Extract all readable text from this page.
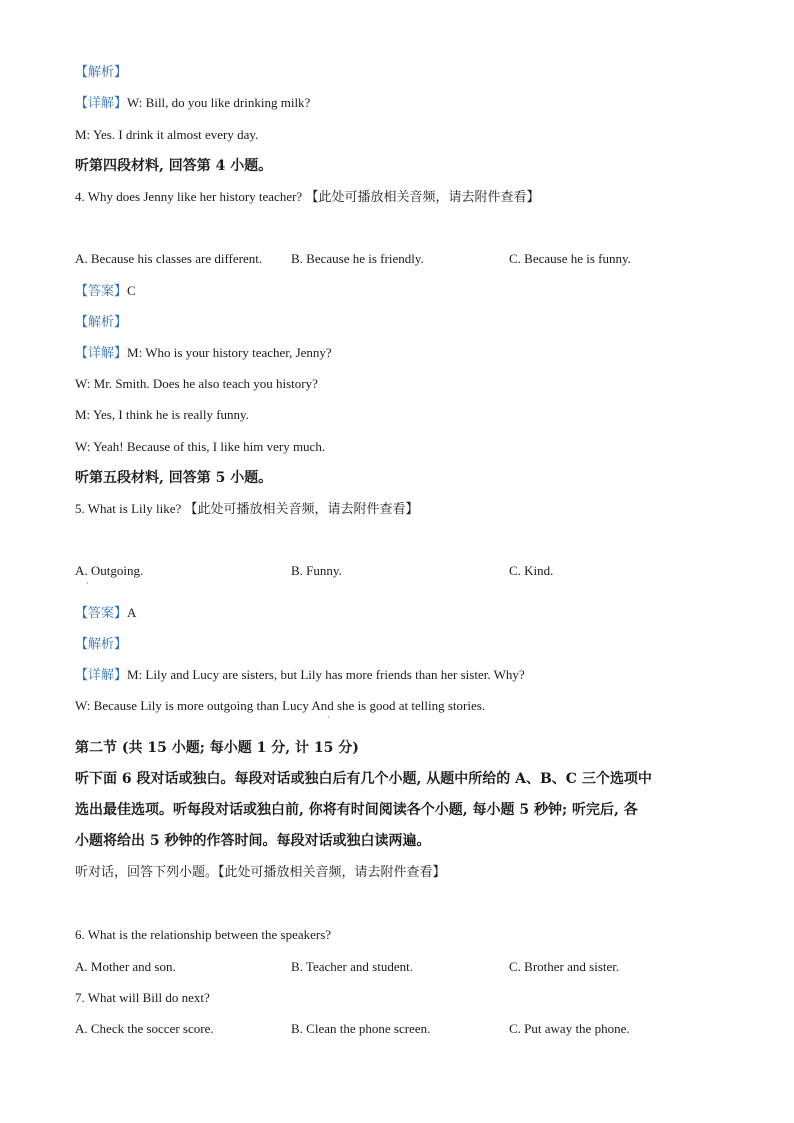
【解析】
【详解】W: Bill, do you like drinking milk?
M: Yes. I drink it almost every day.
听第四段材料, 回答第 4 小题。
4. Why does Jenny like her history teacher? 【此处可播放相关音频，请去附件查看】
A. Because his classes are different. B. Because he is friendly.	C. Because he is funny.
【答案】C
【解析】
【详解】M: Who is your history teacher, Jenny?
W: Mr. Smith. Does he also teach you history?
M: Yes, I think he is really funny.
W: Yeah! Because of this, I like him very much.
听第五段材料, 回答第 5 小题。
5. What is Lily like? 【此处可播放相关音频，请去附件查看】
A. Outgoing.	B. Funny.	C. Kind.
·
【答案】A
【解析】
【详解】M: Lily and Lucy are sisters, but Lily has more friends than her sister. Why?
W: Because Lily is more outgoing than Lucy And she is good at telling stories.
·
第二节 (共 15 小题; 每小题 1 分, 计 15 分)
听下面 6 段对话或独白。每段对话或独白后有几个小题, 从题中所给的 A、B、C 三个选项中
选出最佳选项。听每段对话或独白前, 你将有时间阅读各个小题, 每小题 5 秒钟; 听完后, 各
小题将给出 5 秒钟的作答时间。每段对话或独白读两遍。
听对话，回答下列小题。【此处可播放相关音频，请去附件查看】
6. What is the relationship between the speakers?
A. Mother and son.	B. Teacher and student.	C. Brother and sister.
7. What will Bill do next?
A. Check the soccer score.	B. Clean the phone screen.	C. Put away the phone.
